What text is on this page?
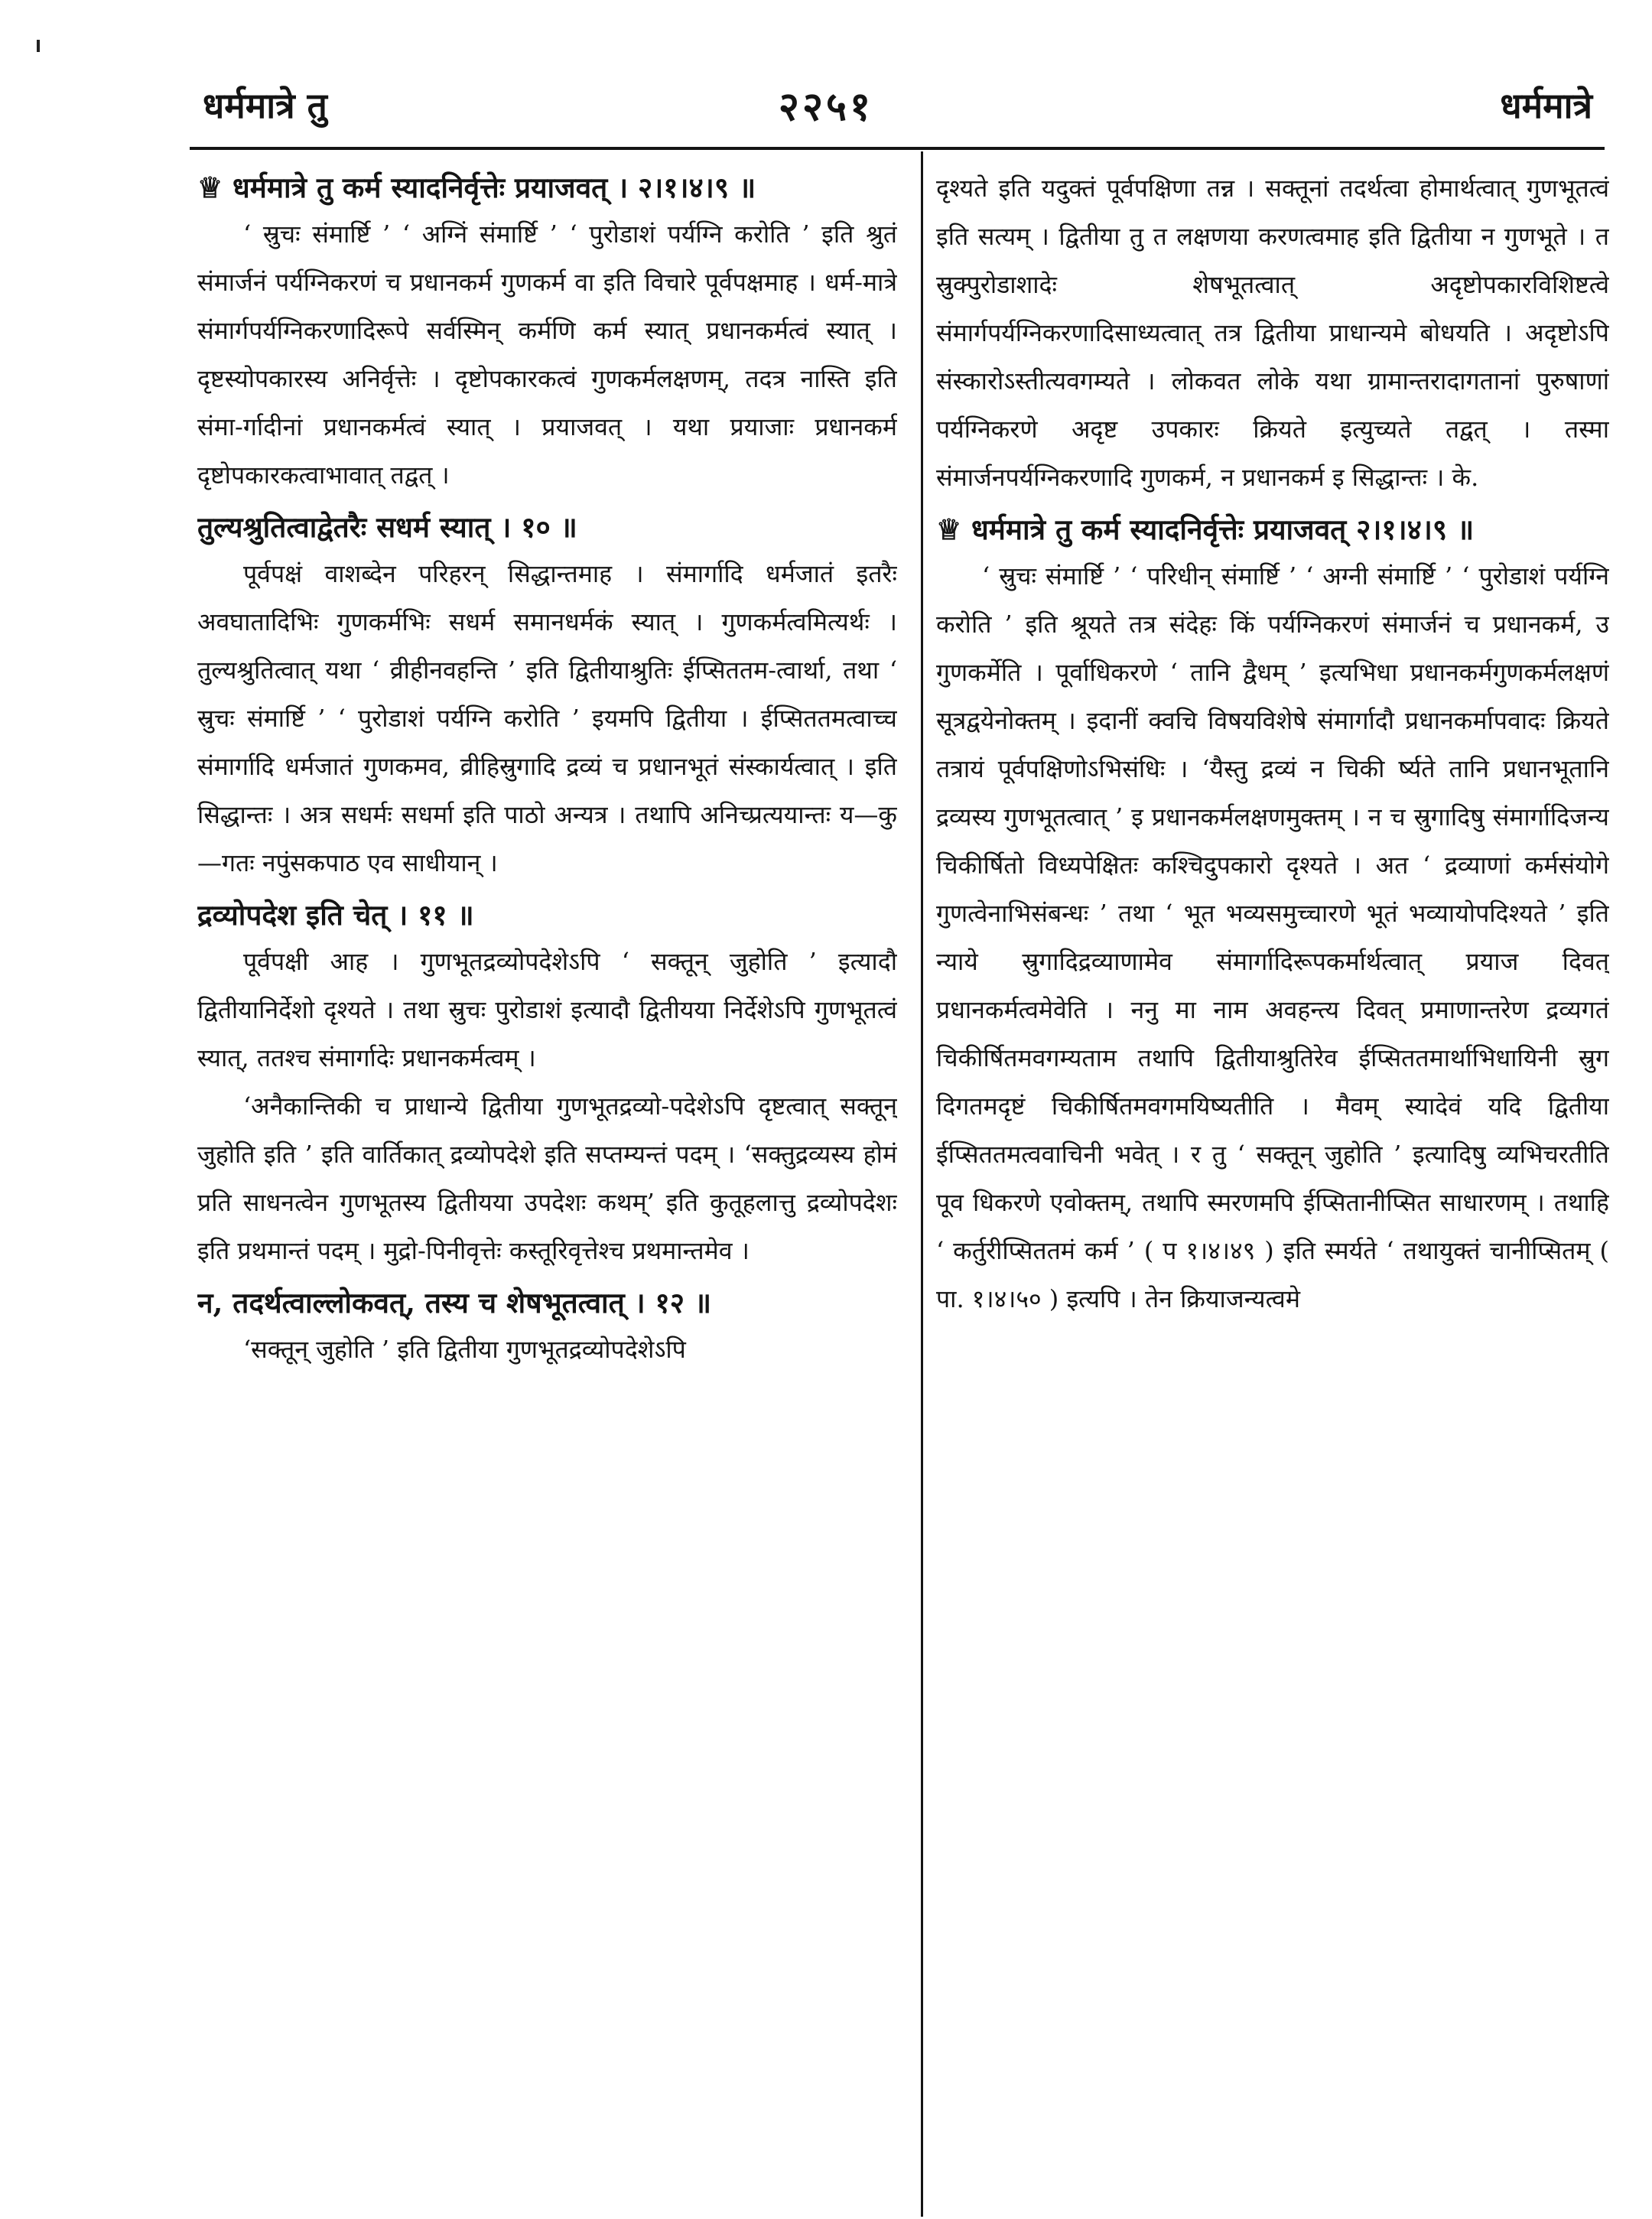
धर्ममात्रे तु	२२५१	धर्ममात्रे

♕ धर्ममात्रे तु कर्म स्यादनिर्वृत्तेः प्रयाजवत् । २।१।४।९ ॥

‘ स्रुचः संमार्ष्टि ’ ‘ अग्निं संमार्ष्टि ’ ‘ पुरोडाशं पर्यग्नि करोति ’ इति श्रुतं संमार्जनं पर्यग्निकरणं च प्रधानकर्म गुणकर्म वा इति विचारे पूर्वपक्षमाह । धर्म-मात्रे संमार्गपर्यग्निकरणादिरूपे सर्वस्मिन् कर्मणि कर्म स्यात् प्रधानकर्मत्वं स्यात् । दृष्टस्योपकारस्य अनिर्वृत्तेः । दृष्टोपकारकत्वं गुणकर्मलक्षणम्, तदत्र नास्ति इति संमा-र्गादीनां प्रधानकर्मत्वं स्यात् । प्रयाजवत् । यथा प्रयाजाः प्रधानकर्म दृष्टोपकारकत्वाभावात् तद्वत् ।

तुल्यश्रुतित्वाद्वेतरैः सधर्म स्यात् । १० ॥

पूर्वपक्षं वाशब्देन परिहरन् सिद्धान्तमाह । संमार्गादि धर्मजातं इतरैः अवघातादिभिः गुणकर्मभिः सधर्म समानधर्मकं स्यात् । गुणकर्मत्वमित्यर्थः । तुल्यश्रुतित्वात् यथा ‘ व्रीहीनवहन्ति ’ इति द्वितीयाश्रुतिः ईप्सिततम-त्वार्था, तथा ‘ स्रुचः संमार्ष्टि ’ ‘ पुरोडाशं पर्यग्नि करोति ’ इयमपि द्वितीया । ईप्सिततमत्वाच्च संमार्गादि धर्मजातं गुणकमव, व्रीहिस्रुगादि द्रव्यं च प्रधानभूतं संस्कार्यत्वात् । इति सिद्धान्तः । अत्र सधर्मः सधर्मा इति पाठो अन्यत्र । तथापि अनिच्प्रत्ययान्तः य—कु—गतः नपुंसकपाठ एव साधीयान् ।

द्रव्योपदेश इति चेत् । ११ ॥

पूर्वपक्षी आह । गुणभूतद्रव्योपदेशेऽपि ‘ सक्तून् जुहोति ’ इत्यादौ द्वितीयानिर्देशो दृश्यते । तथा स्रुचः पुरोडाशं इत्यादौ द्वितीयया निर्देशेऽपि गुणभूतत्वं स्यात्, ततश्च संमार्गादेः प्रधानकर्मत्वम् ।

‘अनैकान्तिकी च प्राधान्ये द्वितीया गुणभूतद्रव्यो-पदेशेऽपि दृष्टत्वात् सक्तून् जुहोति इति ’ इति वार्तिकात् द्रव्योपदेशे इति सप्तम्यन्तं पदम् । ‘सक्तुद्रव्यस्य होमं प्रति साधनत्वेन गुणभूतस्य द्वितीयया उपदेशः कथम्’ इति कुतूहलात्तु द्रव्योपदेशः इति प्रथमान्तं पदम् । मुद्रो-पिनीवृत्तेः कस्तूरिवृत्तेश्च प्रथमान्तमेव ।

न, तदर्थत्वाल्लोकवत्, तस्य च शेषभूतत्वात् । १२ ॥

‘सक्तून् जुहोति ’ इति द्वितीया गुणभूतद्रव्योपदेशेऽपि

दृश्यते इति यदुक्तं पूर्वपक्षिणा तन्न । सक्तूनां तदर्थत्वा होमार्थत्वात् गुणभूतत्वं इति सत्यम् । द्वितीया तु त लक्षणया करणत्वमाह इति द्वितीया न गुणभूते । त स्रुक्पुरोडाशादेः शेषभूतत्वात् अदृष्टोपकारविशिष्टत्वे संमार्गपर्यग्निकरणादिसाध्यत्वात् तत्र द्वितीया प्राधान्यमे बोधयति । अदृष्टोऽपि संस्कारोऽस्तीत्यवगम्यते । लोकवत लोके यथा ग्रामान्तरादागतानां पुरुषाणां पर्यग्निकरणे अदृष्ट उपकारः क्रियते इत्युच्यते तद्वत् । तस्मा संमार्जनपर्यग्निकरणादि गुणकर्म, न प्रधानकर्म इ सिद्धान्तः । के.

♕ धर्ममात्रे तु कर्म स्यादनिर्वृत्तेः प्रयाजवत् २।१।४।९ ॥

‘ स्रुचः संमार्ष्टि ’ ‘ परिधीन् संमार्ष्टि ’ ‘ अग्नी संमार्ष्टि ’ ‘ पुरोडाशं पर्यग्नि करोति ’ इति श्रूयते तत्र संदेहः किं पर्यग्निकरणं संमार्जनं च प्रधानकर्म, उ गुणकर्मेति । पूर्वाधिकरणे ‘ तानि द्वैधम् ’ इत्यभिधा प्रधानकर्मगुणकर्मलक्षणं सूत्रद्वयेनोक्तम् । इदानीं क्वचि विषयविशेषे संमार्गादौ प्रधानकर्मापवादः क्रियते तत्रायं पूर्वपक्षिणोऽभिसंधिः । ‘यैस्तु द्रव्यं न चिकी र्ष्यते तानि प्रधानभूतानि द्रव्यस्य गुणभूतत्वात् ’ इ प्रधानकर्मलक्षणमुक्तम् । न च स्रुगादिषु संमार्गादिजन्य चिकीर्षितो विध्यपेक्षितः कश्चिदुपकारो दृश्यते । अत ‘ द्रव्याणां कर्मसंयोगे गुणत्वेनाभिसंबन्धः ’ तथा ‘ भूत भव्यसमुच्चारणे भूतं भव्यायोपदिश्यते ’ इति न्याये स्रुगादिद्रव्याणामेव संमार्गादिरूपकर्मार्थत्वात् प्रयाज दिवत् प्रधानकर्मत्वमेवेति । ननु मा नाम अवहन्त्य दिवत् प्रमाणान्तरेण द्रव्यगतं चिकीर्षितमवगम्यताम तथापि द्वितीयाश्रुतिरेव ईप्सिततमार्थाभिधायिनी स्रुग दिगतमदृष्टं चिकीर्षितमवगमयिष्यतीति । मैवम् स्यादेवं यदि द्वितीया ईप्सिततमत्ववाचिनी भवेत् । र तु ‘ सक्तून् जुहोति ’ इत्यादिषु व्यभिचरतीति पूव धिकरणे एवोक्तम्, तथापि स्मरणमपि ईप्सितानीप्सित साधारणम् । तथाहि ‘ कर्तुरीप्सिततमं कर्म ’ ( प १।४।४९ ) इति स्मर्यते ‘ तथायुक्तं चानीप्सितम् ( पा. १।४।५० ) इत्यपि । तेन क्रियाजन्यत्वमे
